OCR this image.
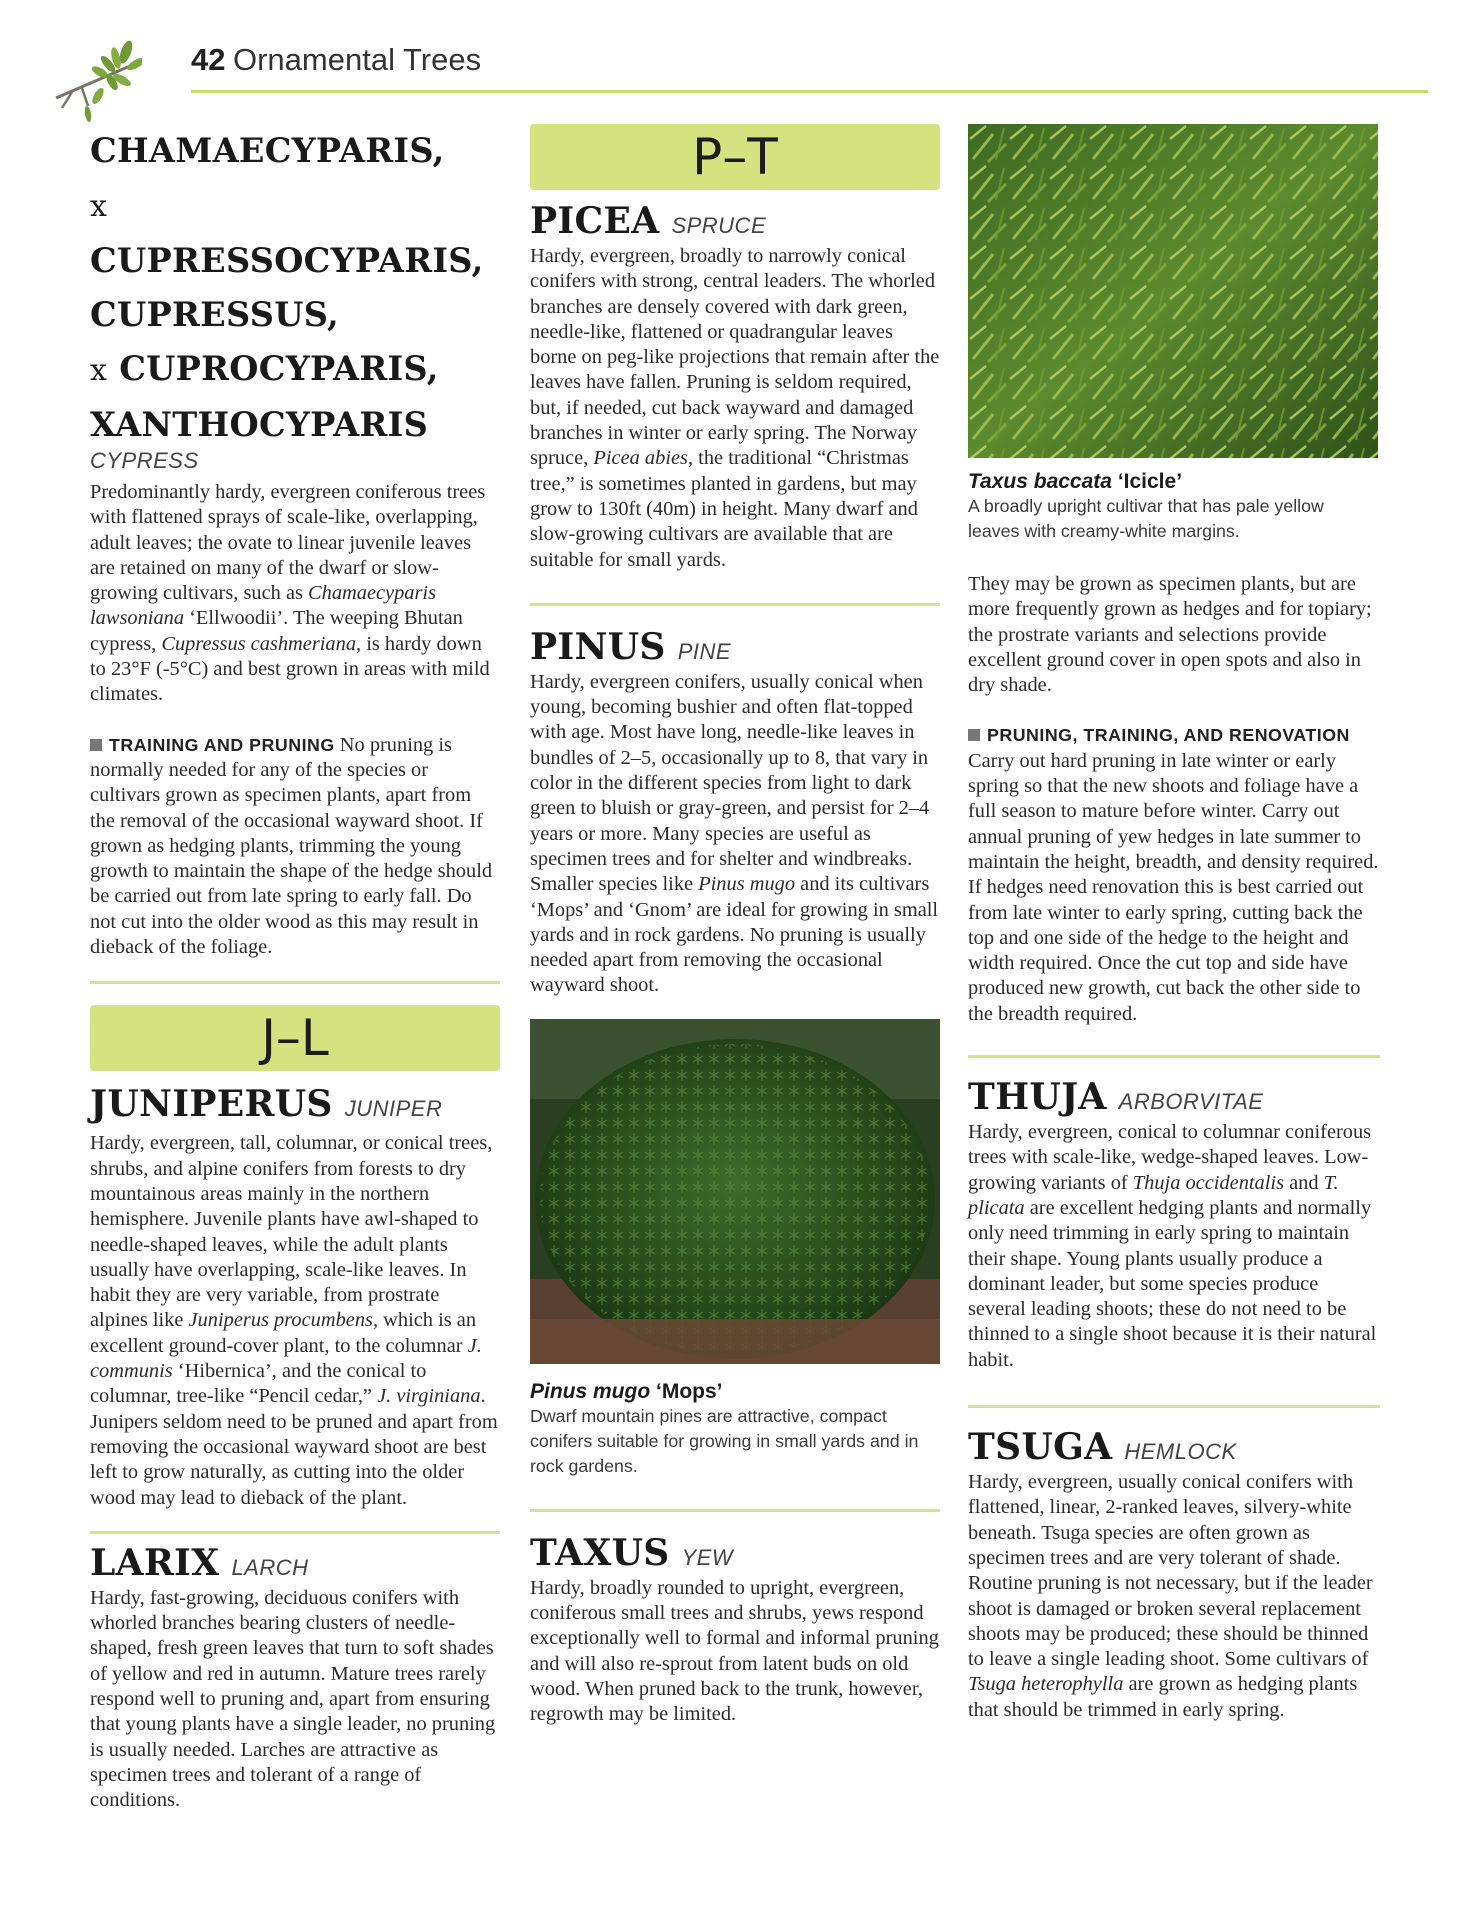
42 Ornamental Trees

CHAMAECYPARIS,

x CUPRESSOCYPARIS,

CUPRESSUS,

x CUPROCYPARIS,

XANTHOCYPARIS

CYPRESS

Predominantly hardy, evergreen coniferous trees with flattened sprays of scale-like, overlapping, adult leaves; the ovate to linear juvenile leaves are retained on many of the dwarf or slow-growing cultivars, such as Chamaecyparis lawsoniana ‘Ellwoodii’. The weeping Bhutan cypress, Cupressus cashmeriana, is hardy down to 23°F (-5°C) and best grown in areas with mild climates.

TRAINING AND PRUNING No pruning is normally needed for any of the species or cultivars grown as specimen plants, apart from the removal of the occasional wayward shoot. If grown as hedging plants, trimming the young growth to maintain the shape of the hedge should be carried out from late spring to early fall. Do not cut into the older wood as this may result in dieback of the foliage.

J–L
JUNIPERUS JUNIPER

Hardy, evergreen, tall, columnar, or conical trees, shrubs, and alpine conifers from forests to dry mountainous areas mainly in the northern hemisphere. Juvenile plants have awl-shaped to needle-shaped leaves, while the adult plants usually have overlapping, scale-like leaves. In habit they are very variable, from prostrate alpines like Juniperus procumbens, which is an excellent ground-cover plant, to the columnar J. communis ‘Hibernica’, and the conical to columnar, tree-like “Pencil cedar,” J. virginiana. Junipers seldom need to be pruned and apart from removing the occasional wayward shoot are best left to grow naturally, as cutting into the older wood may lead to dieback of the plant.

LARIX LARCH

Hardy, fast-growing, deciduous conifers with whorled branches bearing clusters of needle-shaped, fresh green leaves that turn to soft shades of yellow and red in autumn. Mature trees rarely respond well to pruning and, apart from ensuring that young plants have a single leader, no pruning is usually needed. Larches are attractive as specimen trees and tolerant of a range of conditions.

P–T
PICEA SPRUCE

Hardy, evergreen, broadly to narrowly conical conifers with strong, central leaders. The whorled branches are densely covered with dark green, needle-like, flattened or quadrangular leaves borne on peg-like projections that remain after the leaves have fallen. Pruning is seldom required, but, if needed, cut back wayward and damaged branches in winter or early spring. The Norway spruce, Picea abies, the traditional “Christmas tree,” is sometimes planted in gardens, but may grow to 130ft (40m) in height. Many dwarf and slow-growing cultivars are available that are suitable for small yards.

PINUS PINE

Hardy, evergreen conifers, usually conical when young, becoming bushier and often flat-topped with age. Most have long, needle-like leaves in bundles of 2–5, occasionally up to 8, that vary in color in the different species from light to dark green to bluish or gray-green, and persist for 2–4 years or more. Many species are useful as specimen trees and for shelter and windbreaks. Smaller species like Pinus mugo and its cultivars ‘Mops’ and ‘Gnom’ are ideal for growing in small yards and in rock gardens. No pruning is usually needed apart from removing the occasional wayward shoot.

Pinus mugo ‘Mops’

Dwarf mountain pines are attractive, compact conifers suitable for growing in small yards and in rock gardens.

TAXUS YEW

Hardy, broadly rounded to upright, evergreen, coniferous small trees and shrubs, yews respond exceptionally well to formal and informal pruning and will also re-sprout from latent buds on old wood. When pruned back to the trunk, however, regrowth may be limited.

Taxus baccata ‘Icicle’

A broadly upright cultivar that has pale yellow leaves with creamy-white margins.

They may be grown as specimen plants, but are more frequently grown as hedges and for topiary; the prostrate variants and selections provide excellent ground cover in open spots and also in dry shade.

PRUNING, TRAINING, AND RENOVATION
Carry out hard pruning in late winter or early spring so that the new shoots and foliage have a full season to mature before winter. Carry out annual pruning of yew hedges in late summer to maintain the height, breadth, and density required.
If hedges need renovation this is best carried out from late winter to early spring, cutting back the top and one side of the hedge to the height and width required. Once the cut top and side have produced new growth, cut back the other side to the breadth required.

THUJA ARBORVITAE

Hardy, evergreen, conical to columnar coniferous trees with scale-like, wedge-shaped leaves. Low-growing variants of Thuja occidentalis and T. plicata are excellent hedging plants and normally only need trimming in early spring to maintain their shape. Young plants usually produce a dominant leader, but some species produce several leading shoots; these do not need to be thinned to a single shoot because it is their natural habit.

TSUGA HEMLOCK

Hardy, evergreen, usually conical conifers with flattened, linear, 2-ranked leaves, silvery-white beneath. Tsuga species are often grown as specimen trees and are very tolerant of shade. Routine pruning is not necessary, but if the leader shoot is damaged or broken several replacement shoots may be produced; these should be thinned to leave a single leading shoot. Some cultivars of Tsuga heterophylla are grown as hedging plants that should be trimmed in early spring.
